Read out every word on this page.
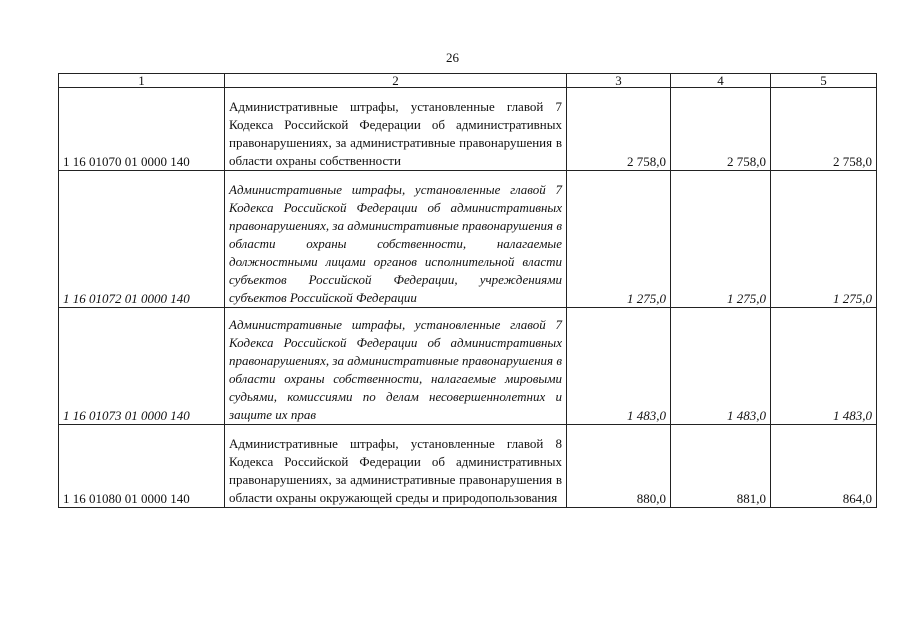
26
1	2	3	4	5
1 16 01070 01 0000 140	Административные штрафы, установленные главой 7 Кодекса Российской Федерации об административных правонарушениях, за административные правонарушения в области охраны собственности	2 758,0	2 758,0	2 758,0
1 16 01072 01 0000 140	Административные штрафы, установленные главой 7 Кодекса Российской Федерации об административных правонарушениях, за административные правонарушения в области охраны собственности, налагаемые должностными лицами органов исполнительной власти субъектов Российской Федерации, учреждениями субъектов Российской Федерации	1 275,0	1 275,0	1 275,0
1 16 01073 01 0000 140	Административные штрафы, установленные главой 7 Кодекса Российской Федерации об административных правонарушениях, за административные правонарушения в области охраны собственности, налагаемые мировыми судьями, комиссиями по делам несовершеннолетних и защите их прав	1 483,0	1 483,0	1 483,0
1 16 01080 01 0000 140	Административные штрафы, установленные главой 8 Кодекса Российской Федерации об административных правонарушениях, за административные правонарушения в области охраны окружающей среды и природопользования	880,0	881,0	864,0
